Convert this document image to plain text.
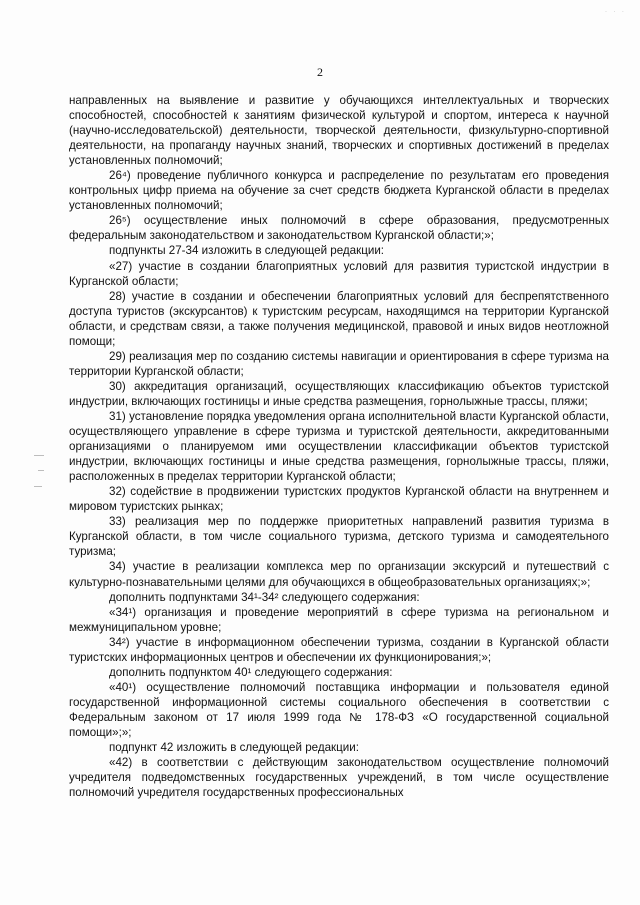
· · ·
2

направленных на выявление и развитие у обучающихся интеллектуальных и творческих способностей, способностей к занятиям физической культурой и спортом, интереса к научной (научно-исследовательской) деятельности, творческой деятельности, физкультурно-спортивной деятельности, на пропаганду научных знаний, творческих и спортивных достижений в пределах установленных полномочий;

26⁴) проведение публичного конкурса и распределение по результатам его проведения контрольных цифр приема на обучение за счет средств бюджета Курганской области в пределах установленных полномочий;

26⁵) осуществление иных полномочий в сфере образования, предусмотренных федеральным законодательством и законодательством Курганской области;»;

подпункты 27-34 изложить в следующей редакции:

«27) участие в создании благоприятных условий для развития туристской индустрии в Курганской области;

28) участие в создании и обеспечении благоприятных условий для беспрепятственного доступа туристов (экскурсантов) к туристским ресурсам, находящимся на территории Курганской области, и средствам связи, а также получения медицинской, правовой и иных видов неотложной помощи;

29) реализация мер по созданию системы навигации и ориентирования в сфере туризма на территории Курганской области;

30) аккредитация организаций, осуществляющих классификацию объектов туристской индустрии, включающих гостиницы и иные средства размещения, горнолыжные трассы, пляжи;

31) установление порядка уведомления органа исполнительной власти Курганской области, осуществляющего управление в сфере туризма и туристской деятельности, аккредитованными организациями о планируемом ими осуществлении классификации объектов туристской индустрии, включающих гостиницы и иные средства размещения, горнолыжные трассы, пляжи, расположенных в пределах территории Курганской области;

32) содействие в продвижении туристских продуктов Курганской области на внутреннем и мировом туристских рынках;

33) реализация мер по поддержке приоритетных направлений развития туризма в Курганской области, в том числе социального туризма, детского туризма и самодеятельного туризма;

34) участие в реализации комплекса мер по организации экскурсий и путешествий с культурно-познавательными целями для обучающихся в общеобразовательных организациях;»;

дополнить подпунктами 34¹-34² следующего содержания:

«34¹) организация и проведение мероприятий в сфере туризма на региональном и межмуниципальном уровне;

34²) участие в информационном обеспечении туризма, создании в Курганской области туристских информационных центров и обеспечении их функционирования;»;

дополнить подпунктом 40¹ следующего содержания:

«40¹) осуществление полномочий поставщика информации и пользователя единой государственной информационной системы социального обеспечения в соответствии с Федеральным законом от 17 июля 1999 года № 178-ФЗ «О государственной социальной помощи»;»;

подпункт 42 изложить в следующей редакции:

«42) в соответствии с действующим законодательством осуществление полномочий учредителя подведомственных государственных учреждений, в том числе осуществление полномочий учредителя государственных профессиональных
